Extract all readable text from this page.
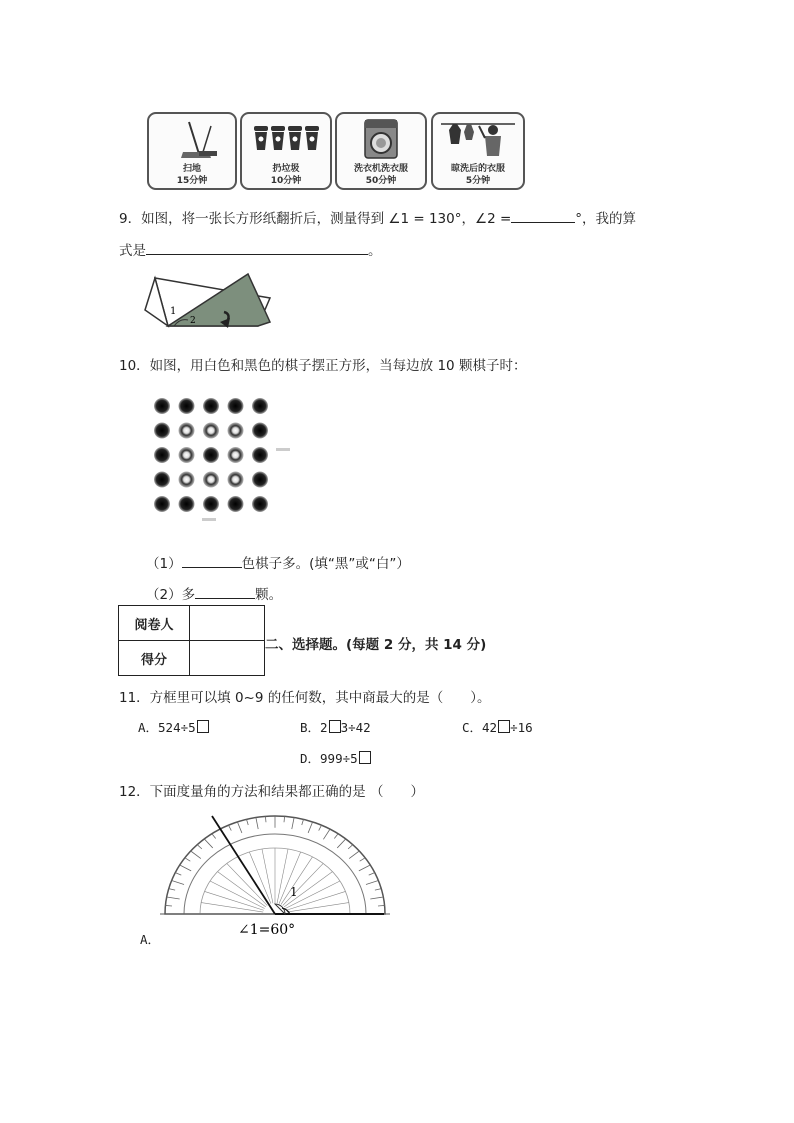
扫地
15分钟
扔垃圾
10分钟
洗衣机洗衣服
50分钟
晾洗后的衣服
5分钟
9．如图，将一张长方形纸翻折后，测量得到 ∠1 = 130°，∠2 =	°，我的算
式是	。
1
2
10．如图，用白色和黑色的棋子摆正方形，当每边放 10 颗棋子时：
（1）	色棋子多。(填“黑”或“白”）
（2）多	颗。
阅卷人	
得分	
二、选择题。(每题 2 分，共 14 分)
11．方框里可以填 0~9 的任何数，其中商最大的是（　　）。
A．524÷5	B．2 3÷42	C．42 ÷16
D．999÷5
12．下面度量角的方法和结果都正确的是 （　　）
1
∠1=60°
A．
